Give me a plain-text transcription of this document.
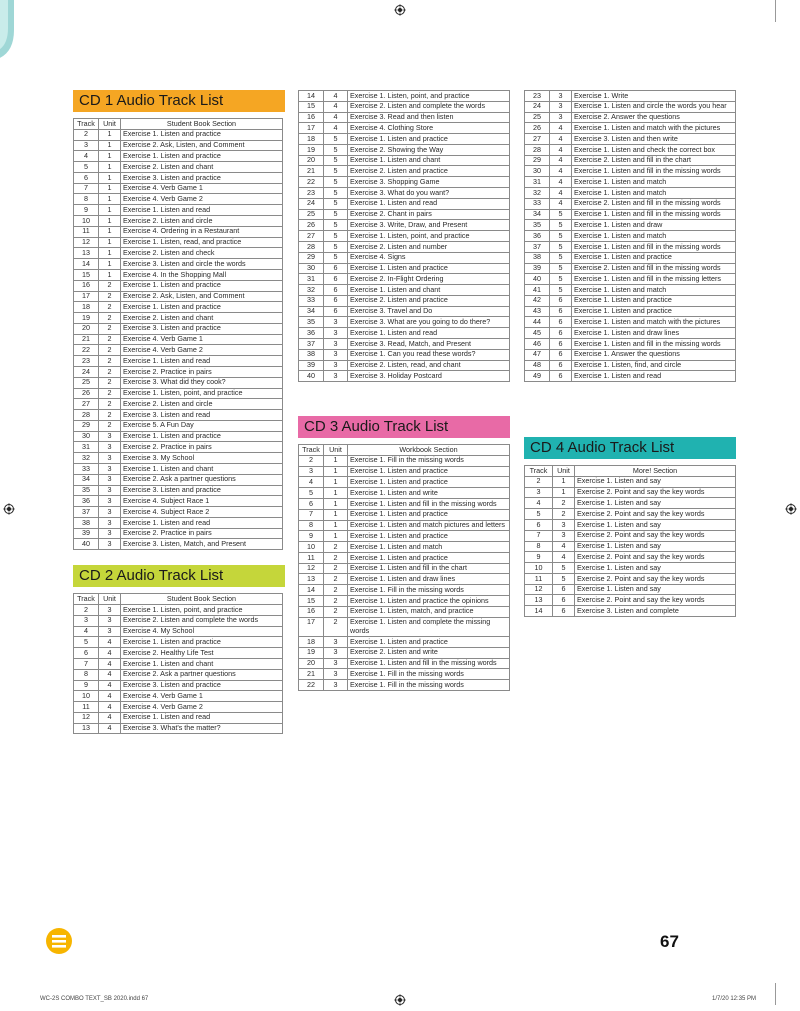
CD 1 Audio Track List
Track	Unit	Student Book Section
2	1	Exercise 1. Listen and practice
3	1	Exercise 2. Ask, Listen, and Comment
4	1	Exercise 1. Listen and practice
5	1	Exercise 2. Listen and chant
6	1	Exercise 3. Listen and practice
7	1	Exercise 4. Verb Game 1
8	1	Exercise 4. Verb Game 2
9	1	Exercise 1. Listen and read
10	1	Exercise 2. Listen and circle
11	1	Exercise 4. Ordering in a Restaurant
12	1	Exercise 1. Listen, read, and practice
13	1	Exercise 2. Listen and check
14	1	Exercise 3. Listen and circle the words
15	1	Exercise 4. In the Shopping Mall
16	2	Exercise 1. Listen and practice
17	2	Exercise 2. Ask, Listen, and Comment
18	2	Exercise 1. Listen and practice
19	2	Exercise 2. Listen and chant
20	2	Exercise 3. Listen and practice
21	2	Exercise 4. Verb Game 1
22	2	Exercise 4. Verb Game 2
23	2	Exercise 1. Listen and read
24	2	Exercise 2. Practice in pairs
25	2	Exercise 3. What did they cook?
26	2	Exercise 1. Listen, point, and practice
27	2	Exercise 2. Listen and circle
28	2	Exercise 3. Listen and read
29	2	Exercise 5. A Fun Day
30	3	Exercise 1. Listen and practice
31	3	Exercise 2. Practice in pairs
32	3	Exercise 3. My School
33	3	Exercise 1. Listen and chant
34	3	Exercise 2. Ask a partner questions
35	3	Exercise 3. Listen and practice
36	3	Exercise 4. Subject Race 1
37	3	Exercise 4. Subject Race 2
38	3	Exercise 1. Listen and read
39	3	Exercise 2. Practice in pairs
40	3	Exercise 3. Listen, Match, and Present
CD 2 Audio Track List
Track	Unit	Student Book Section
2	3	Exercise 1. Listen, point, and practice
3	3	Exercise 2. Listen and complete the words
4	3	Exercise 4. My School
5	4	Exercise 1. Listen and practice
6	4	Exercise 2. Healthy Life Test
7	4	Exercise 1. Listen and chant
8	4	Exercise 2. Ask a partner questions
9	4	Exercise 3. Listen and practice
10	4	Exercise 4. Verb Game 1
11	4	Exercise 4. Verb Game 2
12	4	Exercise 1. Listen and read
13	4	Exercise 3. What's the matter?
14	4	Exercise 1. Listen, point, and practice
15	4	Exercise 2. Listen and complete the words
16	4	Exercise 3. Read and then listen
17	4	Exercise 4. Clothing Store
18	5	Exercise 1. Listen and practice
19	5	Exercise 2. Showing the Way
20	5	Exercise 1. Listen and chant
21	5	Exercise 2. Listen and practice
22	5	Exercise 3. Shopping Game
23	5	Exercise 3. What do you want?
24	5	Exercise 1. Listen and read
25	5	Exercise 2. Chant in pairs
26	5	Exercise 3. Write, Draw, and Present
27	5	Exercise 1. Listen, point, and practice
28	5	Exercise 2. Listen and number
29	5	Exercise 4. Signs
30	6	Exercise 1. Listen and practice
31	6	Exercise 2. In-Flight Ordering
32	6	Exercise 1. Listen and chant
33	6	Exercise 2. Listen and practice
34	6	Exercise 3. Travel and Do
35	3	Exercise 3. What are you going to do there?
36	3	Exercise 1. Listen and read
37	3	Exercise 3. Read, Match, and Present
38	3	Exercise 1. Can you read these words?
39	3	Exercise 2. Listen, read, and chant
40	3	Exercise 3. Holiday Postcard
CD 3 Audio Track List
Track	Unit	Workbook Section
2	1	Exercise 1. Fill in the missing words
3	1	Exercise 1. Listen and practice
4	1	Exercise 1. Listen and practice
5	1	Exercise 1. Listen and write
6	1	Exercise 1. Listen and fill in the missing words
7	1	Exercise 1. Listen and practice
8	1	Exercise 1. Listen and match pictures and letters
9	1	Exercise 1. Listen and practice
10	2	Exercise 1. Listen and match
11	2	Exercise 1. Listen and practice
12	2	Exercise 1. Listen and fill in the chart
13	2	Exercise 1. Listen and draw lines
14	2	Exercise 1. Fill in the missing words
15	2	Exercise 1. Listen and practice the opinions
16	2	Exercise 1. Listen, match, and practice
17	2	Exercise 1. Listen and complete the missing words
18	3	Exercise 1. Listen and practice
19	3	Exercise 2. Listen and write
20	3	Exercise 1. Listen and fill in the missing words
21	3	Exercise 1. Fill in the missing words
22	3	Exercise 1. Fill in the missing words
23	3	Exercise 1. Write
24	3	Exercise 1. Listen and circle the words you hear
25	3	Exercise 2. Answer the questions
26	4	Exercise 1. Listen and match with the pictures
27	4	Exercise 3. Listen and then write
28	4	Exercise 1. Listen and check the correct box
29	4	Exercise 2. Listen and fill in the chart
30	4	Exercise 1. Listen and fill in the missing words
31	4	Exercise 1. Listen and match
32	4	Exercise 1. Listen and match
33	4	Exercise 2. Listen and fill in the missing words
34	5	Exercise 1. Listen and fill in the missing words
35	5	Exercise 1. Listen and draw
36	5	Exercise 1. Listen and match
37	5	Exercise 1. Listen and fill in the missing words
38	5	Exercise 1. Listen and practice
39	5	Exercise 2. Listen and fill in the missing words
40	5	Exercise 1. Listen and fill in the missing letters
41	5	Exercise 1. Listen and match
42	6	Exercise 1. Listen and practice
43	6	Exercise 1. Listen and practice
44	6	Exercise 1. Listen and match with the pictures
45	6	Exercise 1. Listen and draw lines
46	6	Exercise 1. Listen and fill in the missing words
47	6	Exercise 1. Answer the questions
48	6	Exercise 1. Listen, find, and circle
49	6	Exercise 1. Listen and read
CD 4 Audio Track List
Track	Unit	More! Section
2	1	Exercise 1. Listen and say
3	1	Exercise 2. Point and say the key words
4	2	Exercise 1. Listen and say
5	2	Exercise 2. Point and say the key words
6	3	Exercise 1. Listen and say
7	3	Exercise 2. Point and say the key words
8	4	Exercise 1. Listen and say
9	4	Exercise 2. Point and say the key words
10	5	Exercise 1. Listen and say
11	5	Exercise 2. Point and say the key words
12	6	Exercise 1. Listen and say
13	6	Exercise 2. Point and say the key words
14	6	Exercise 3. Listen and complete
67
WC-2S COMBO TEXT_SB 2020.indd 67	1/7/20 12:35 PM
